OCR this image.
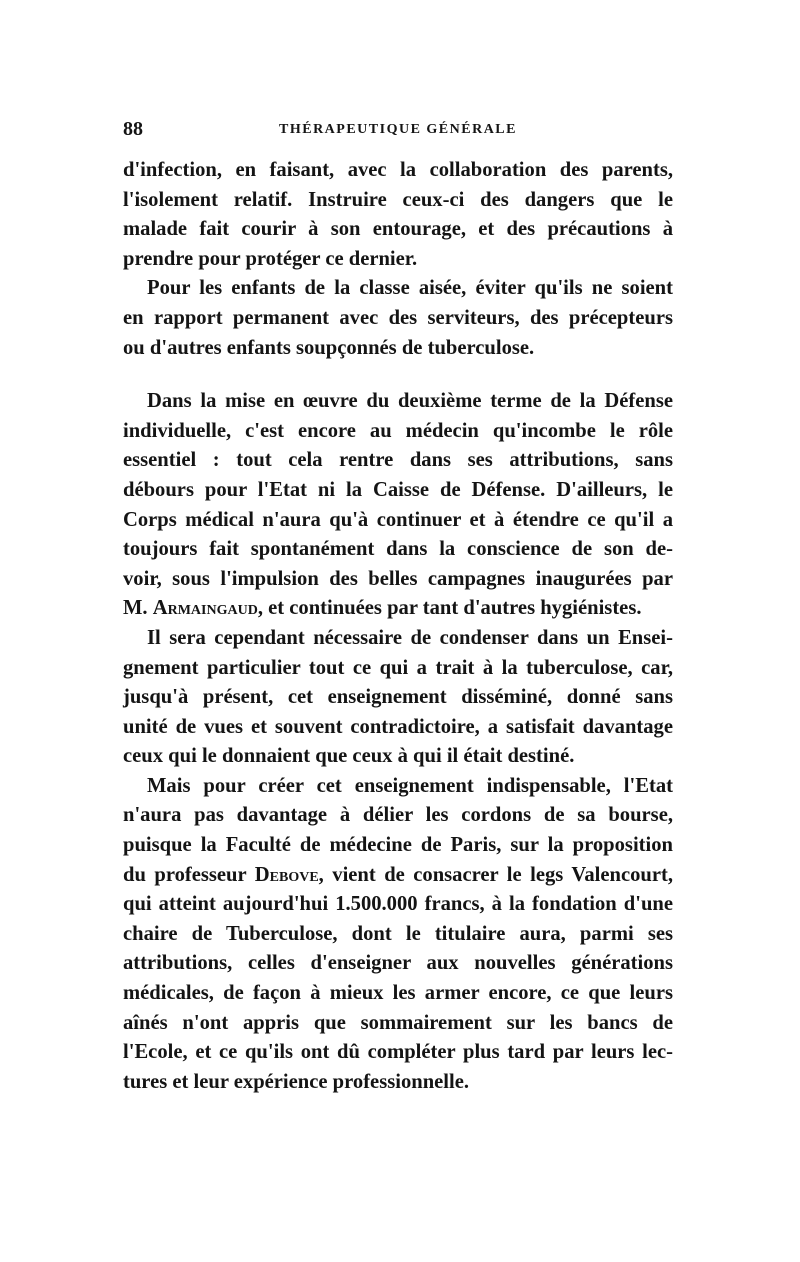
88	THÉRAPEUTIQUE GÉNÉRALE
d'infection, en faisant, avec la collaboration des parents,
l'isolement relatif. Instruire ceux-ci des dangers que le
malade fait courir à son entourage, et des précautions à
prendre pour protéger ce dernier.
Pour les enfants de la classe aisée, éviter qu'ils ne soient
en rapport permanent avec des serviteurs, des précepteurs
ou d'autres enfants soupçonnés de tuberculose.
Dans la mise en œuvre du deuxième terme de la Défense
individuelle, c'est encore au médecin qu'incombe le rôle
essentiel : tout cela rentre dans ses attributions, sans
débours pour l'Etat ni la Caisse de Défense. D'ailleurs, le
Corps médical n'aura qu'à continuer et à étendre ce qu'il a
toujours fait spontanément dans la conscience de son de-
voir, sous l'impulsion des belles campagnes inaugurées par
M. Armaingaud, et continuées par tant d'autres hygiénistes.
Il sera cependant nécessaire de condenser dans un Ensei-
gnement particulier tout ce qui a trait à la tuberculose, car,
jusqu'à présent, cet enseignement disséminé, donné sans
unité de vues et souvent contradictoire, a satisfait davantage
ceux qui le donnaient que ceux à qui il était destiné.
Mais pour créer cet enseignement indispensable, l'Etat
n'aura pas davantage à délier les cordons de sa bourse,
puisque la Faculté de médecine de Paris, sur la proposition
du professeur Debove, vient de consacrer le legs Valencourt,
qui atteint aujourd'hui 1.500.000 francs, à la fondation d'une
chaire de Tuberculose, dont le titulaire aura, parmi ses
attributions, celles d'enseigner aux nouvelles générations
médicales, de façon à mieux les armer encore, ce que leurs
aînés n'ont appris que sommairement sur les bancs de
l'Ecole, et ce qu'ils ont dû compléter plus tard par leurs lec-
tures et leur expérience professionnelle.
